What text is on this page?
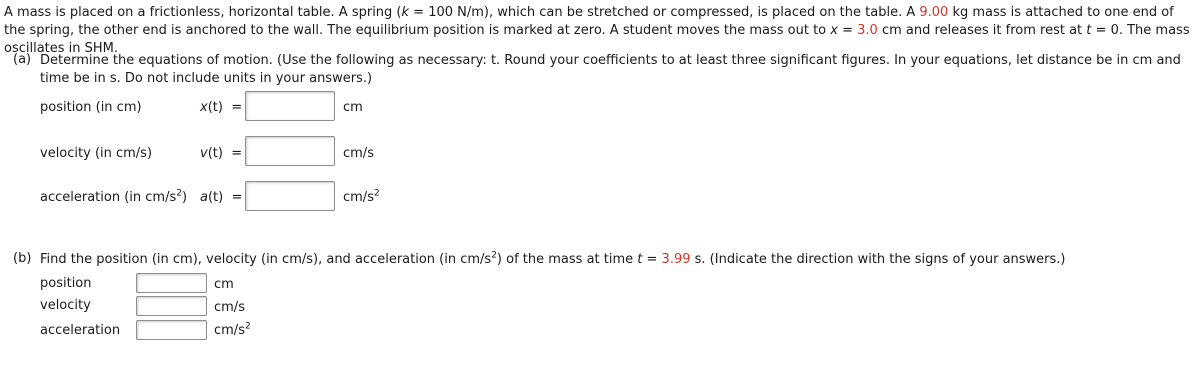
A mass is placed on a frictionless, horizontal table. A spring (k = 100 N/m), which can be stretched or compressed, is placed on the table. A 9.00 kg mass is attached to one end of the spring, the other end is anchored to the wall. The equilibrium position is marked at zero. A student moves the mass out to x = 3.0 cm and releases it from rest at t = 0. The mass oscillates in SHM.
(a) Determine the equations of motion. (Use the following as necessary: t. Round your coefficients to at least three significant figures. In your equations, let distance be in cm and time be in s. Do not include units in your answers.)
position (in cm)	x(t) =	cm
velocity (in cm/s)	v(t) =	cm/s
acceleration (in $cm/s^2$) a(t) =	$cm/s^2$
(b) Find the position (in cm), velocity (in cm/s), and acceleration (in $cm/s^2$) of the mass at time t = 3.99 s. (Indicate the direction with the signs of your answers.)
position	cm
velocity	cm/s
acceleration	$cm/s^2$
